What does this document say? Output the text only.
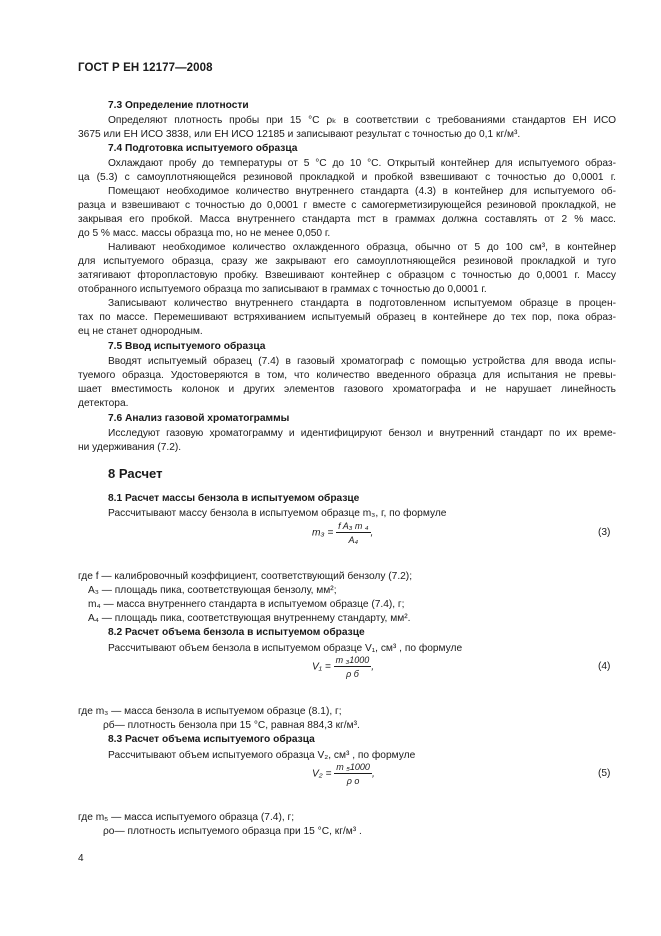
ГОСТ Р ЕН 12177—2008
7.3 Определение плотности
Определяют плотность пробы при 15 °С ρₖ в соответствии с требованиями стандартов ЕН ИСО
3675 или ЕН ИСО 3838, или ЕН ИСО 12185 и записывают результат с точностью до 0,1 кг/м³.
7.4 Подготовка испытуемого образца
Охлаждают пробу до температуры от 5 °С до 10 °С. Открытый контейнер для испытуемого образ-
ца (5.3) с самоуплотняющейся резиновой прокладкой и пробкой взвешивают с точностью до 0,0001 г.
Помещают необходимое количество внутреннего стандарта (4.3) в контейнер для испытуемого об-
разца и взвешивают с точностью до 0,0001 г вместе с самогерметизирующейся резиновой прокладкой, не
закрывая его пробкой. Масса внутреннего стандарта mст в граммах должна составлять от 2 % масс.
до 5 % масс. массы образца mo, но не менее 0,050 г.
Наливают необходимое количество охлажденного образца, обычно от 5 до 100 см³, в контейнер
для испытуемого образца, сразу же закрывают его самоуплотняющейся резиновой прокладкой и туго
затягивают фторопластовую пробку. Взвешивают контейнер с образцом с точностью до 0,0001 г. Массу
отобранного испытуемого образца mо записывают в граммах с точностью до 0,0001 г.
Записывают количество внутреннего стандарта в подготовленном испытуемом образце в процен-
тах по массе. Перемешивают встряхиванием испытуемый образец в контейнере до тех пор, пока образ-
ец не станет однородным.
7.5 Ввод испытуемого образца
Вводят испытуемый образец (7.4) в газовый хроматограф с помощью устройства для ввода испы-
туемого образца. Удостоверяются в том, что количество введенного образца для испытания не превы-
шает вместимость колонок и других элементов газового хроматографа и не нарушает линейность
детектора.
7.6 Анализ газовой хроматограммы
Исследуют газовую хроматограмму и идентифицируют бензол и внутренний стандарт по их време-
ни удерживания (7.2).
8.1 Расчет массы бензола в испытуемом образце
Рассчитывают массу бензола в испытуемом образце m₃, г, по формуле
где f — калибровочный коэффициент, соответствующий бензолу (7.2);
A₃ — площадь пика, соответствующая бензолу, мм²;
m₄ — масса внутреннего стандарта в испытуемом образце (7.4), г;
A₄ — площадь пика, соответствующая внутреннему стандарту, мм².
8.2 Расчет объема бензола в испытуемом образце
Рассчитывают объем бензола в испытуемом образце V₁, см³ , по формуле
где m₃ — масса бензола в испытуемом образце (8.1), г;
ρб— плотность бензола при 15 °С, равная 884,3 кг/м³.
8.3 Расчет объема испытуемого образца
Рассчитывают объем испытуемого образца V₂, см³ , по формуле
где m₅ — масса испытуемого образца (7.4), г;
ρо— плотность испытуемого образца при 15 °С, кг/м³ .
8 Расчет
$m_3 = \frac{\text{f A₃ m ₄}}{\text{A₄}}$ ,	(3)
$V_1 = \frac{\text{m ₃1000}}{\text{ρ б}}$ ,	(4)
$V_2 = \frac{\text{m ₅1000}}{\text{ρ о}}$ ,	(5)
4
